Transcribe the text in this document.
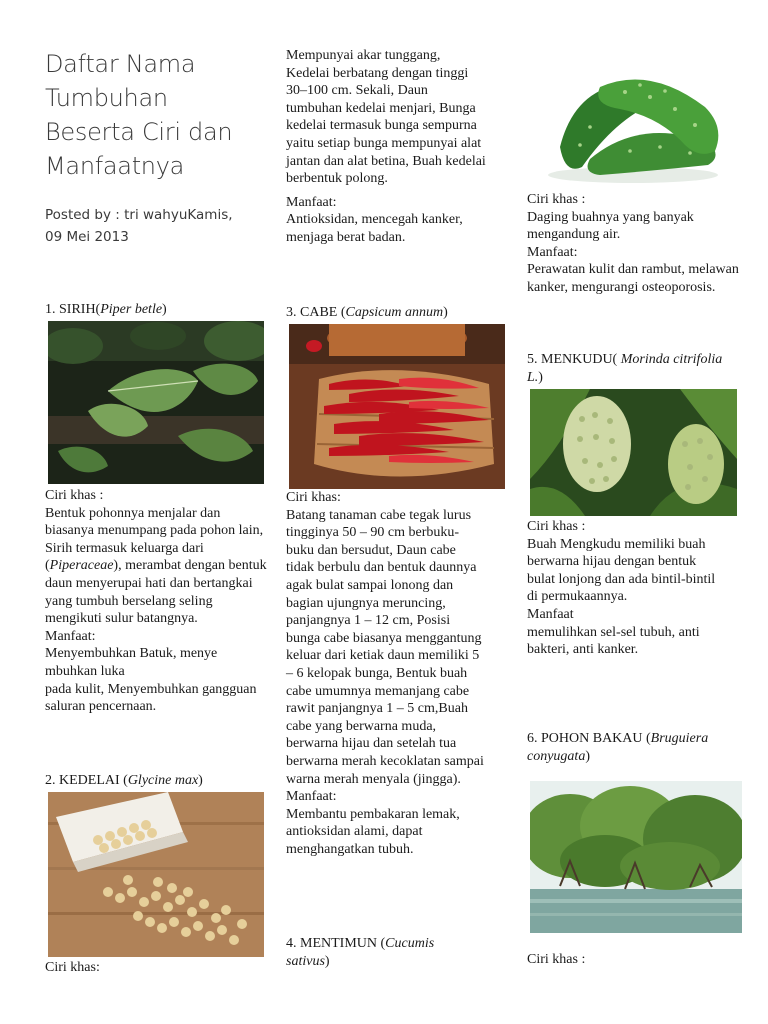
Daftar Nama
Tumbuhan
Beserta Ciri dan
Manfaatnya
Posted by : tri wahyuKamis,
09 Mei 2013
1. SIRIH(Piper betle)
Ciri khas :
Bentuk pohonnya menjalar dan biasanya menumpang pada pohon lain, Sirih termasuk keluarga dari (Piperaceae), merambat dengan bentuk daun menyerupai hati dan bertangkai yang tumbuh berselang seling mengikuti sulur batangnya.
Manfaat:
Menyembuhkan Batuk, menye mbuhkan luka
pada kulit, Menyembuhkan gangguan saluran pencernaan.
2. KEDELAI (Glycine max)
Ciri khas:
Mempunyai akar tunggang, Kedelai berbatang dengan tinggi 30–100 cm. Sekali, Daun tumbuhan kedelai menjari, Bunga kedelai termasuk bunga sempurna yaitu setiap bunga mempunyai alat jantan dan alat betina, Buah kedelai berbentuk polong.
Manfaat:
Antioksidan, mencegah kanker, menjaga berat badan.
3. CABE (Capsicum annum)
Ciri khas:
Batang tanaman cabe tegak lurus tingginya 50 – 90 cm berbuku-buku dan bersudut, Daun cabe tidak berbulu dan bentuk daunnya agak bulat sampai lonong dan bagian ujungnya meruncing, panjangnya 1 – 12 cm, Posisi bunga cabe biasanya menggantung keluar dari ketiak daun memiliki 5 – 6 kelopak bunga, Bentuk buah cabe umumnya memanjang cabe rawit panjangnya 1 – 5 cm,Buah cabe yang berwarna muda, berwarna hijau dan setelah tua berwarna merah kecoklatan sampai warna merah menyala (jingga).
Manfaat:
Membantu pembakaran lemak, antioksidan alami, dapat menghangatkan tubuh.
4. MENTIMUN (Cucumis sativus)
Ciri khas :
Daging buahnya yang banyak mengandung air.
Manfaat:
Perawatan kulit dan rambut, melawan kanker, mengurangi osteoporosis.
5. MENKUDU( Morinda citrifolia L.)
Ciri khas :
Buah Mengkudu memiliki buah berwarna hijau dengan bentuk bulat lonjong dan ada bintil-bintil di permukaannya.
Manfaat
memulihkan sel-sel tubuh, anti bakteri, anti kanker.
6. POHON BAKAU (Bruguiera conyugata)
Ciri khas :
